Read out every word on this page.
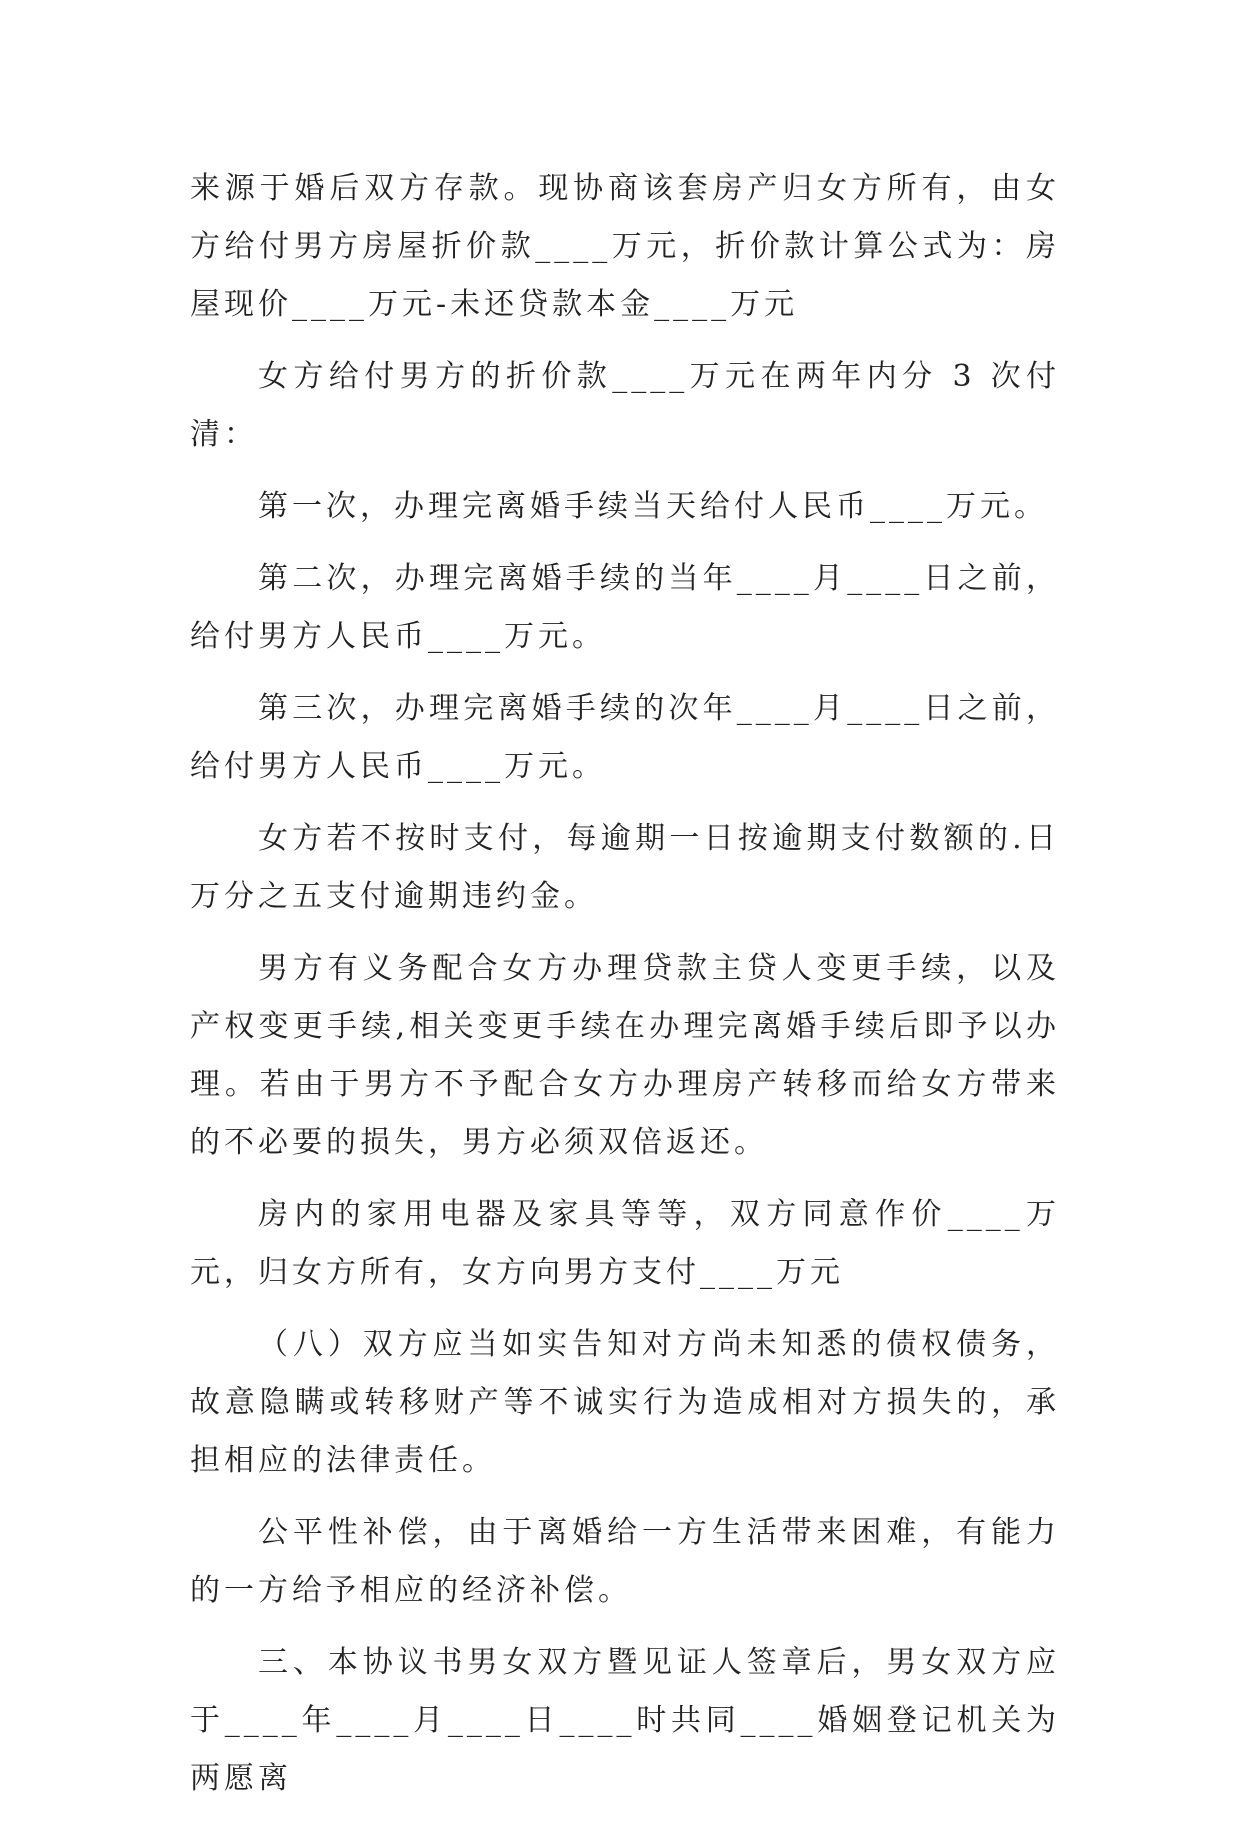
来源于婚后双方存款。现协商该套房产归女方所有，由女方给付男方房屋折价款____万元，折价款计算公式为：房屋现价____万元-未还贷款本金____万元

女方给付男方的折价款____万元在两年内分 3 次付清：

第一次，办理完离婚手续当天给付人民币____万元。

第二次，办理完离婚手续的当年____月____日之前，给付男方人民币____万元。

第三次，办理完离婚手续的次年____月____日之前，给付男方人民币____万元。

女方若不按时支付，每逾期一日按逾期支付数额的.日万分之五支付逾期违约金。

男方有义务配合女方办理贷款主贷人变更手续，以及产权变更手续,相关变更手续在办理完离婚手续后即予以办理。若由于男方不予配合女方办理房产转移而给女方带来的不必要的损失，男方必须双倍返还。

房内的家用电器及家具等等，双方同意作价____万元，归女方所有，女方向男方支付____万元

（八）双方应当如实告知对方尚未知悉的债权债务，故意隐瞒或转移财产等不诚实行为造成相对方损失的，承担相应的法律责任。

公平性补偿，由于离婚给一方生活带来困难，有能力的一方给予相应的经济补偿。

三、本协议书男女双方暨见证人签章后，男女双方应于____年____月____日____时共同____婚姻登记机关为两愿离
